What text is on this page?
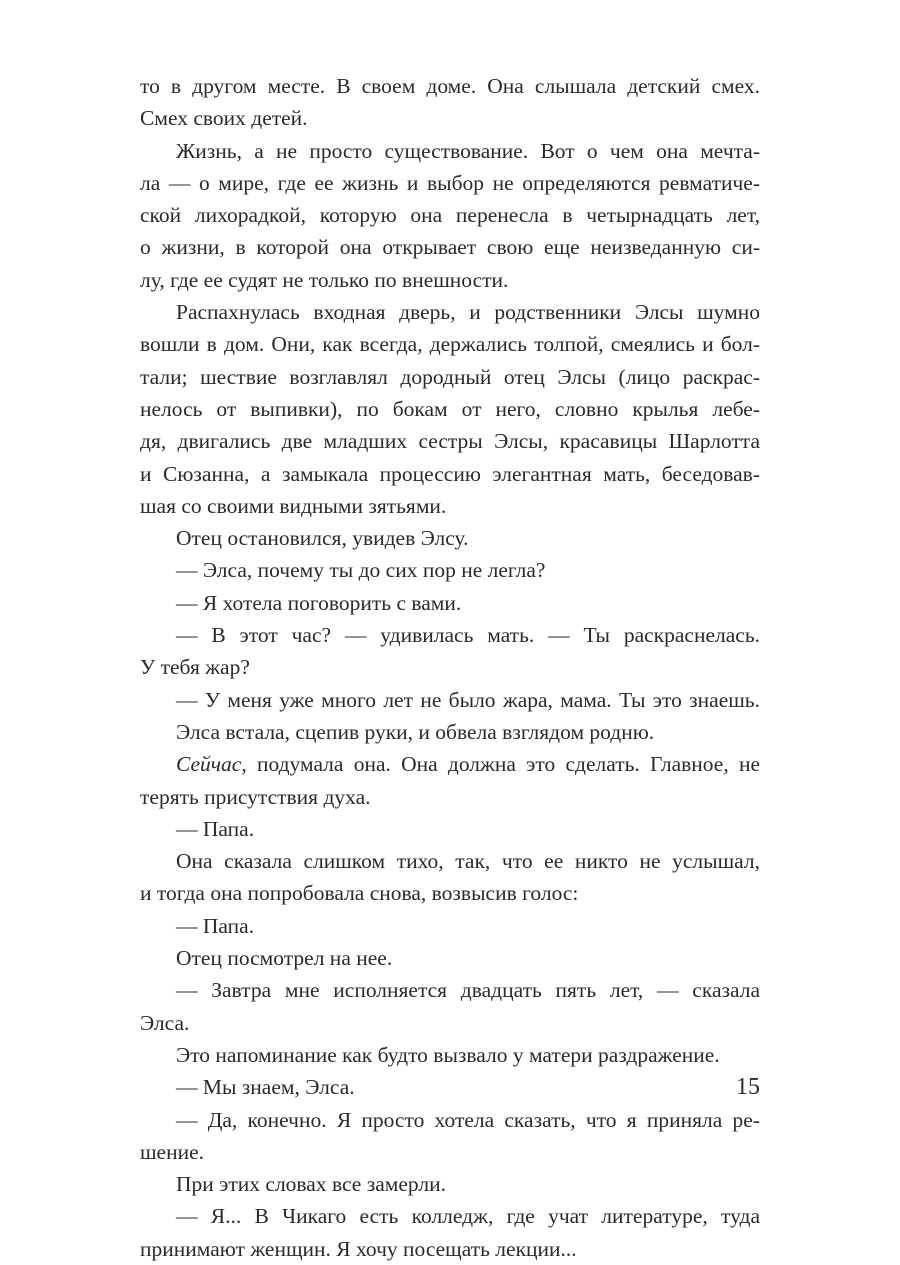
то в другом месте. В своем доме. Она слышала детский смех.
Смех своих детей.
Жизнь, а не просто существование. Вот о чем она мечта-
ла — о мире, где ее жизнь и выбор не определяются ревматиче-
ской лихорадкой, которую она перенесла в четырнадцать лет,
о жизни, в которой она открывает свою еще неизведанную си-
лу, где ее судят не только по внешности.
Распахнулась входная дверь, и родственники Элсы шумно
вошли в дом. Они, как всегда, держались толпой, смеялись и бол-
тали; шествие возглавлял дородный отец Элсы (лицо раскрас-
нелось от выпивки), по бокам от него, словно крылья лебе-
дя, двигались две младших сестры Элсы, красавицы Шарлотта
и Сюзанна, а замыкала процессию элегантная мать, беседовав-
шая со своими видными зятьями.
Отец остановился, увидев Элсу.
— Элса, почему ты до сих пор не легла?
— Я хотела поговорить с вами.
— В этот час? — удивилась мать. — Ты раскраснелась.
У тебя жар?
— У меня уже много лет не было жара, мама. Ты это знаешь.
Элса встала, сцепив руки, и обвела взглядом родню.
Сейчас, подумала она. Она должна это сделать. Главное, не
терять присутствия духа.
— Папа.
Она сказала слишком тихо, так, что ее никто не услышал,
и тогда она попробовала снова, возвысив голос:
— Папа.
Отец посмотрел на нее.
— Завтра мне исполняется двадцать пять лет, — сказала
Элса.
Это напоминание как будто вызвало у матери раздражение.
— Мы знаем, Элса.
— Да, конечно. Я просто хотела сказать, что я приняла ре-
шение.
При этих словах все замерли.
— Я... В Чикаго есть колледж, где учат литературе, туда
принимают женщин. Я хочу посещать лекции...
15
